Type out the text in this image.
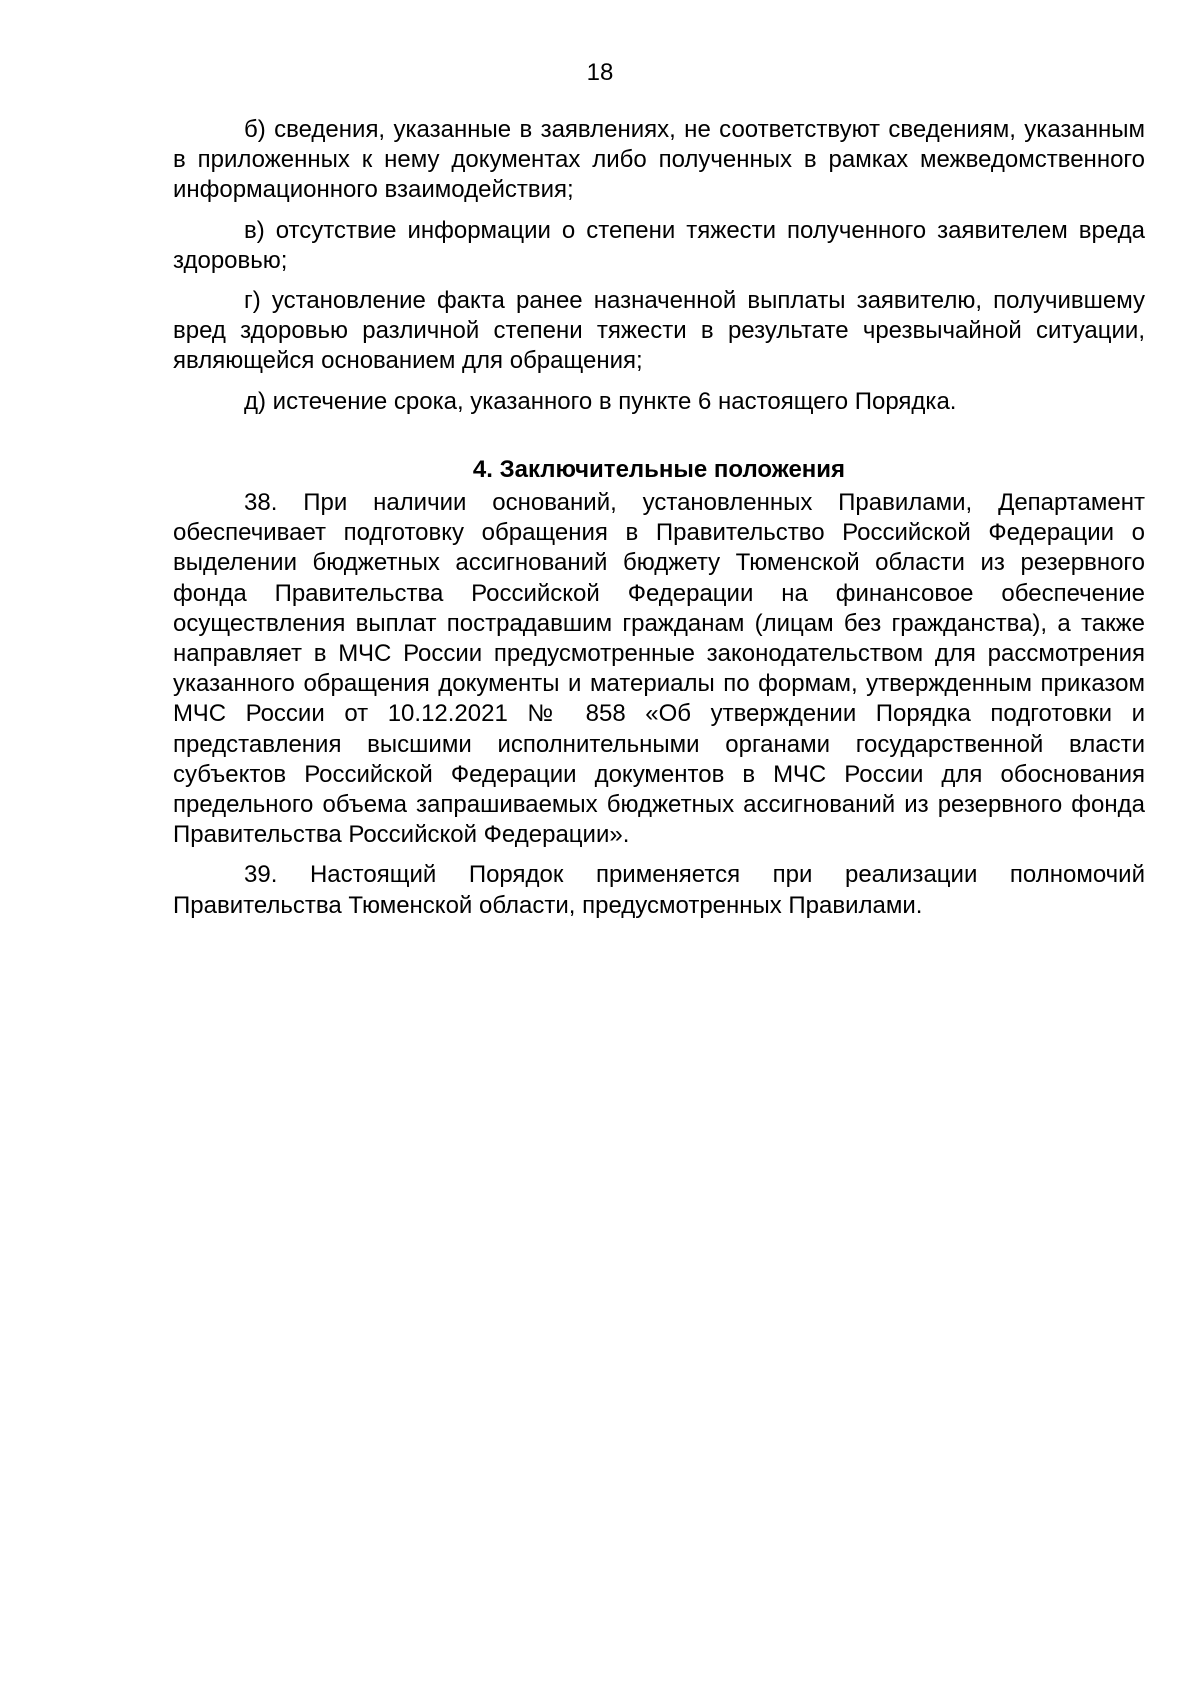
18

б) сведения, указанные в заявлениях, не соответствуют сведениям, указанным в приложенных к нему документах либо полученных в рамках межведомственного информационного взаимодействия;

в) отсутствие информации о степени тяжести полученного заявителем вреда здоровью;

г) установление факта ранее назначенной выплаты заявителю, получившему вред здоровью различной степени тяжести в результате чрезвычайной ситуации, являющейся основанием для обращения;

д) истечение срока, указанного в пункте 6 настоящего Порядка.

4. Заключительные положения

38. При наличии оснований, установленных Правилами, Департамент обеспечивает подготовку обращения в Правительство Российской Федерации о выделении бюджетных ассигнований бюджету Тюменской области из резервного фонда Правительства Российской Федерации на финансовое обеспечение осуществления выплат пострадавшим гражданам (лицам без гражданства), а также направляет в МЧС России предусмотренные законодательством для рассмотрения указанного обращения документы и материалы по формам, утвержденным приказом МЧС России от 10.12.2021 № 858 «Об утверждении Порядка подготовки и представления высшими исполнительными органами государственной власти субъектов Российской Федерации документов в МЧС России для обоснования предельного объема запрашиваемых бюджетных ассигнований из резервного фонда Правительства Российской Федерации».

39. Настоящий Порядок применяется при реализации полномочий Правительства Тюменской области, предусмотренных Правилами.
